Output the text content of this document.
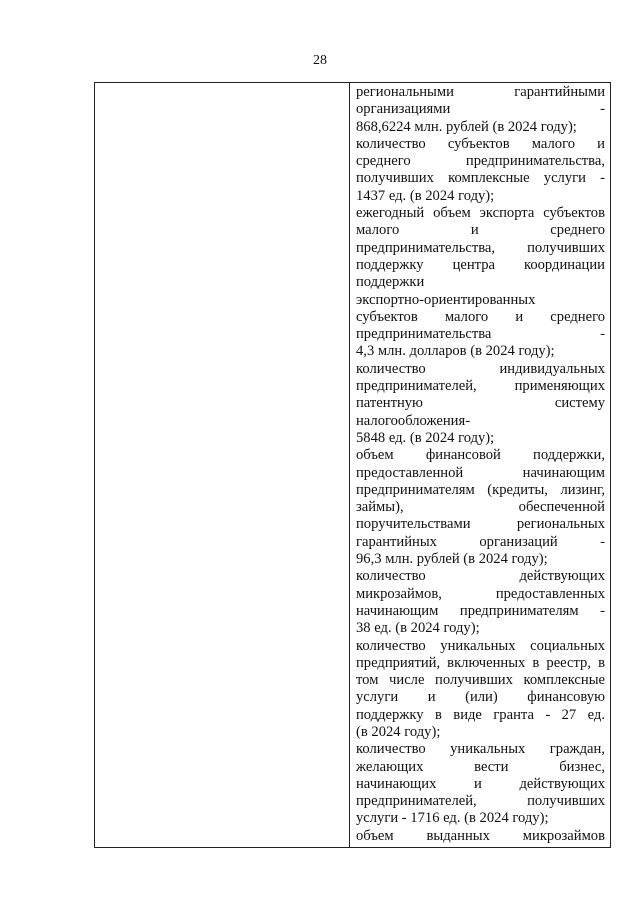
28
региональными гарантийными
организациями -
868,6224 млн. рублей (в 2024 году);
количество субъектов малого и
среднего предпринимательства,
получивших комплексные услуги -
1437 ед. (в 2024 году);
ежегодный объем экспорта субъектов
малого и среднего
предпринимательства, получивших
поддержку центра координации
поддержки
экспортно-ориентированных
субъектов малого и среднего
предпринимательства -
4,3 млн. долларов (в 2024 году);
количество индивидуальных
предпринимателей, применяющих
патентную систему
налогообложения-
5848 ед. (в 2024 году);
объем финансовой поддержки,
предоставленной начинающим
предпринимателям (кредиты, лизинг,
займы), обеспеченной
поручительствами региональных
гарантийных организаций -
96,3 млн. рублей (в 2024 году);
количество действующих
микрозаймов, предоставленных
начинающим предпринимателям -
38 ед. (в 2024 году);
количество уникальных социальных
предприятий, включенных в реестр, в
том числе получивших комплексные
услуги и (или) финансовую
поддержку в виде гранта - 27 ед.
(в 2024 году);
количество уникальных граждан,
желающих вести бизнес,
начинающих и действующих
предпринимателей, получивших
услуги - 1716 ед. (в 2024 году);
объем выданных микрозаймов
